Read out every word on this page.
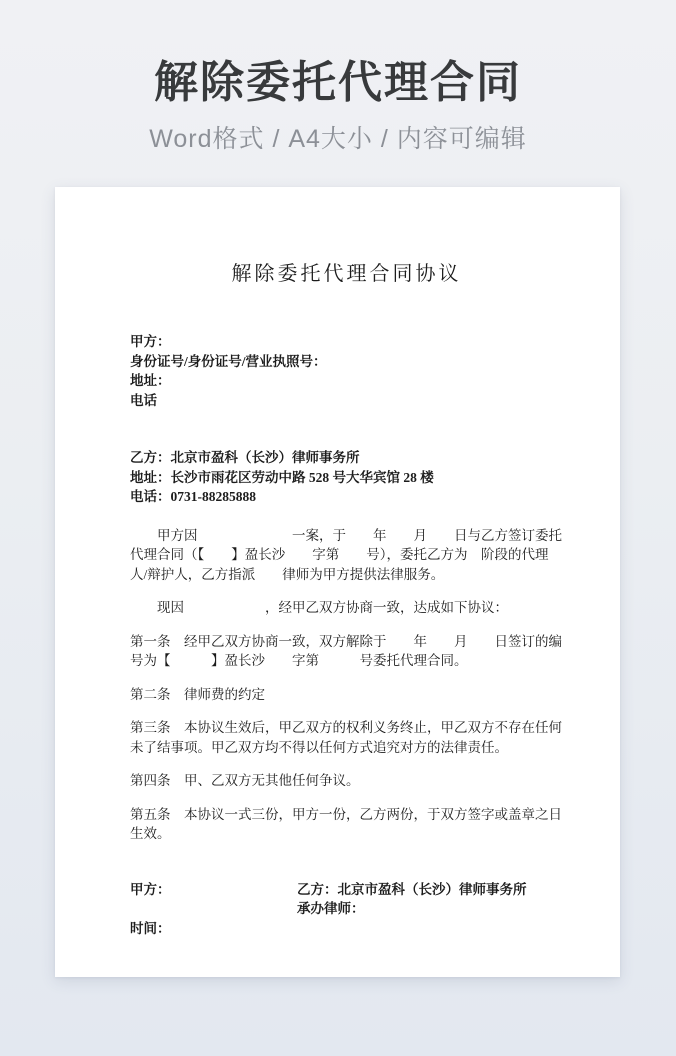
解除委托代理合同
Word格式 / A4大小 / 内容可编辑
解除委托代理合同协议

甲方：

身份证号/身份证号/营业执照号：

地址：

电话

乙方：北京市盈科（长沙）律师事务所

地址：长沙市雨花区劳动中路 528 号大华宾馆 28 楼

电话：0731-88285888

甲方因　　　　　　　一案，于　　年　　月　　日与乙方签订委托代理合同（【　　】盈长沙　　字第　　号），委托乙方为　阶段的代理人/辩护人，乙方指派　　律师为甲方提供法律服务。

现因　　　　　　，经甲乙双方协商一致，达成如下协议：

第一条　经甲乙双方协商一致，双方解除于　　年　　月　　日签订的编号为【　　　】盈长沙　　字第　　　号委托代理合同。

第二条　律师费的约定

第三条　本协议生效后，甲乙双方的权利义务终止，甲乙双方不存在任何未了结事项。甲乙双方均不得以任何方式追究对方的法律责任。

第四条　甲、乙双方无其他任何争议。

第五条　本协议一式三份，甲方一份，乙方两份，于双方签字或盖章之日生效。

甲方：
时间：
乙方：北京市盈科（长沙）律师事务所
承办律师：
